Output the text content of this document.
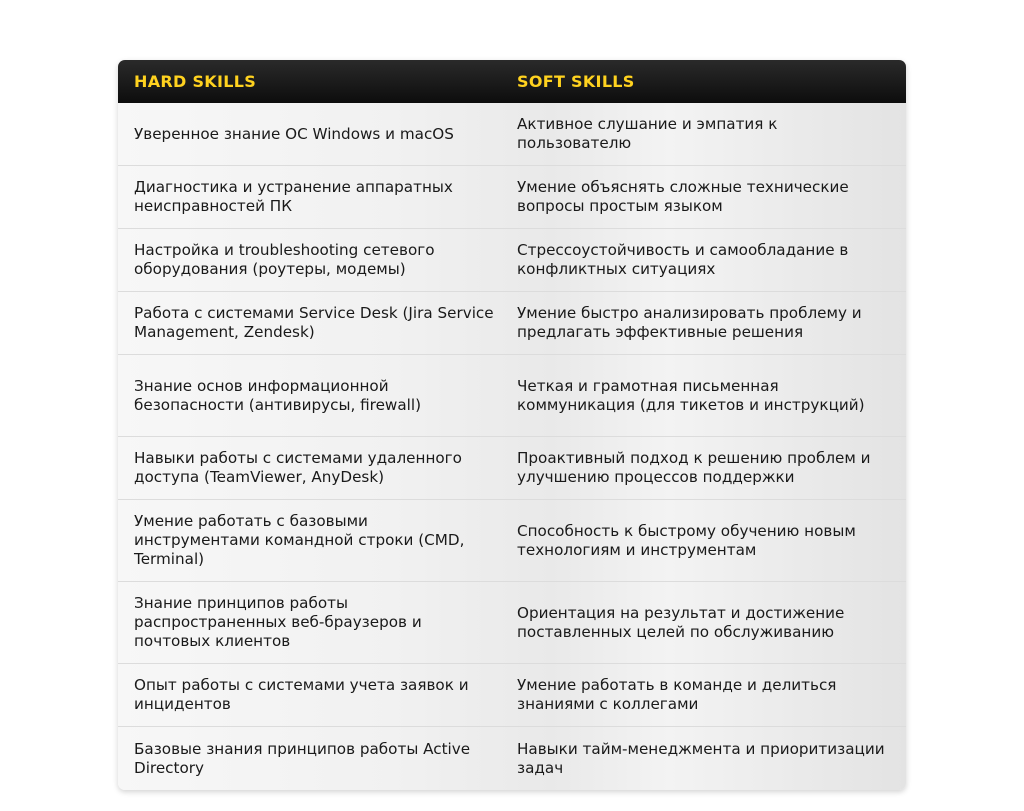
HARD SKILLS	SOFT SKILLS
Уверенное знание ОС Windows и macOS
Активное слушание и эмпатия к пользователю
Диагностика и устранение аппаратных неисправностей ПК
Умение объяснять сложные технические вопросы простым языком
Настройка и troubleshooting сетевого оборудования (роутеры, модемы)
Стрессоустойчивость и самообладание в конфликтных ситуациях
Работа с системами Service Desk (Jira Service Management, Zendesk)
Умение быстро анализировать проблему и предлагать эффективные решения
Знание основ информационной безопасности (антивирусы, firewall)
Четкая и грамотная письменная коммуникация (для тикетов и инструкций)
Навыки работы с системами удаленного доступа (TeamViewer, AnyDesk)
Проактивный подход к решению проблем и улучшению процессов поддержки
Умение работать с базовыми инструментами командной строки (CMD, Terminal)
Способность к быстрому обучению новым технологиям и инструментам
Знание принципов работы распространенных веб-браузеров и почтовых клиентов
Ориентация на результат и достижение поставленных целей по обслуживанию
Опыт работы с системами учета заявок и инцидентов
Умение работать в команде и делиться знаниями с коллегами
Базовые знания принципов работы Active Directory
Навыки тайм-менеджмента и приоритизации задач
